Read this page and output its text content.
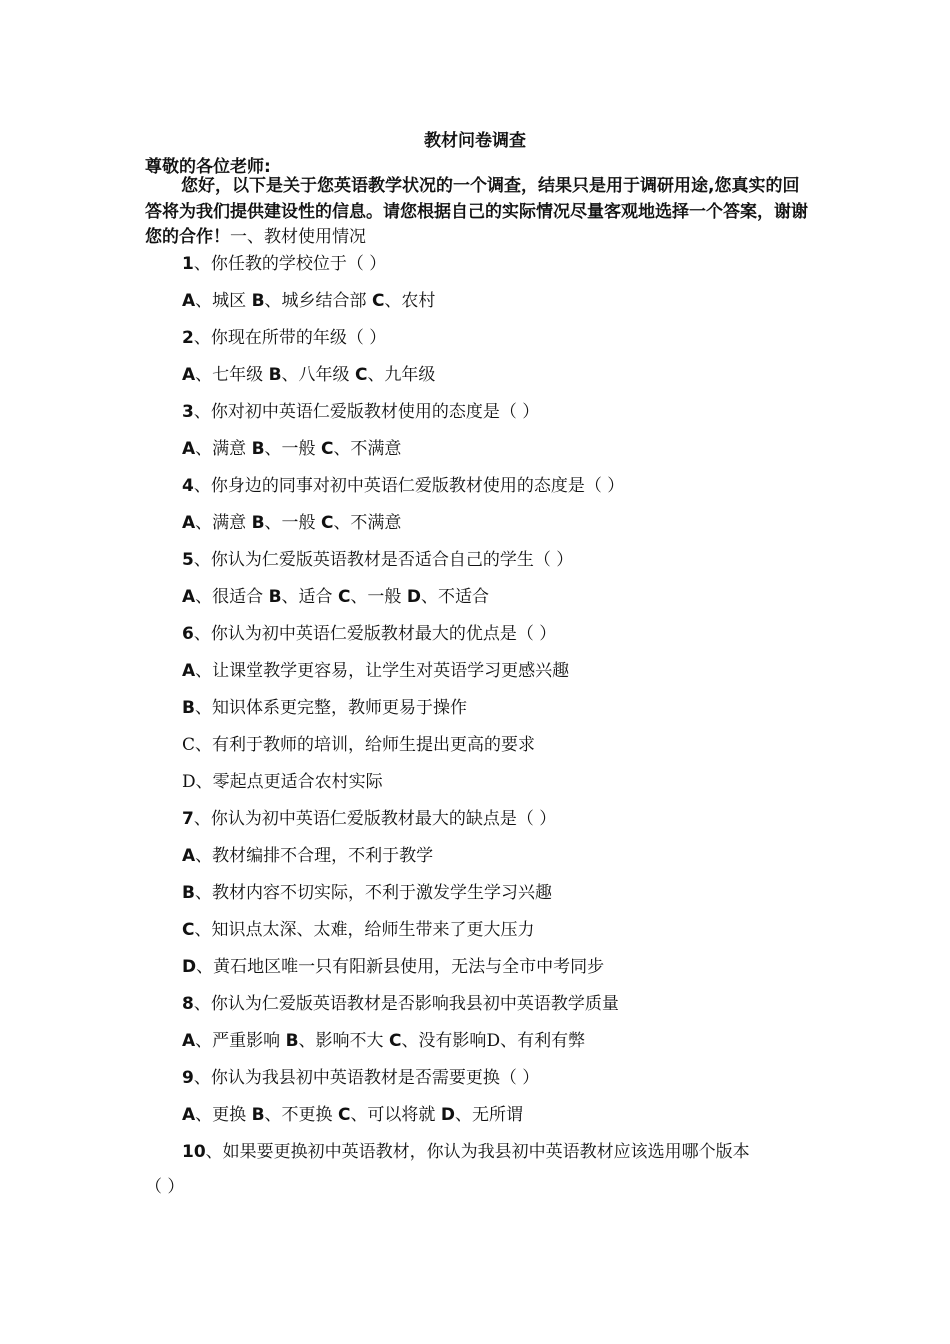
教材问卷调查
尊敬的各位老师:
您好，以下是关于您英语教学状况的一个调查，结果只是用于调研用途,您真实的回答将为我们提供建设性的信息。请您根据自己的实际情况尽量客观地选择一个答案，谢谢您的合作！一、教材使用情况
1、你任教的学校位于（ ）
A、城区 B、城乡结合部 C、农村
2、你现在所带的年级（ ）
A、七年级 B、八年级 C、九年级
3、你对初中英语仁爱版教材使用的态度是（ ）
A、满意 B、一般 C、不满意
4、你身边的同事对初中英语仁爱版教材使用的态度是（ ）
A、满意 B、一般 C、不满意
5、你认为仁爱版英语教材是否适合自己的学生（ ）
A、很适合 B、适合 C、一般 D、不适合
6、你认为初中英语仁爱版教材最大的优点是（ ）
A、让课堂教学更容易，让学生对英语学习更感兴趣
B、知识体系更完整，教师更易于操作
C、有利于教师的培训，给师生提出更高的要求
D、零起点更适合农村实际
7、你认为初中英语仁爱版教材最大的缺点是（ ）
A、教材编排不合理，不利于教学
B、教材内容不切实际，不利于激发学生学习兴趣
C、知识点太深、太难，给师生带来了更大压力
D、黄石地区唯一只有阳新县使用，无法与全市中考同步
8、你认为仁爱版英语教材是否影响我县初中英语教学质量
A、严重影响 B、影响不大 C、没有影响D、有利有弊
9、你认为我县初中英语教材是否需要更换（ ）
A、更换 B、不更换 C、可以将就 D、无所谓
10、如果要更换初中英语教材，你认为我县初中英语教材应该选用哪个版本
（ ）
